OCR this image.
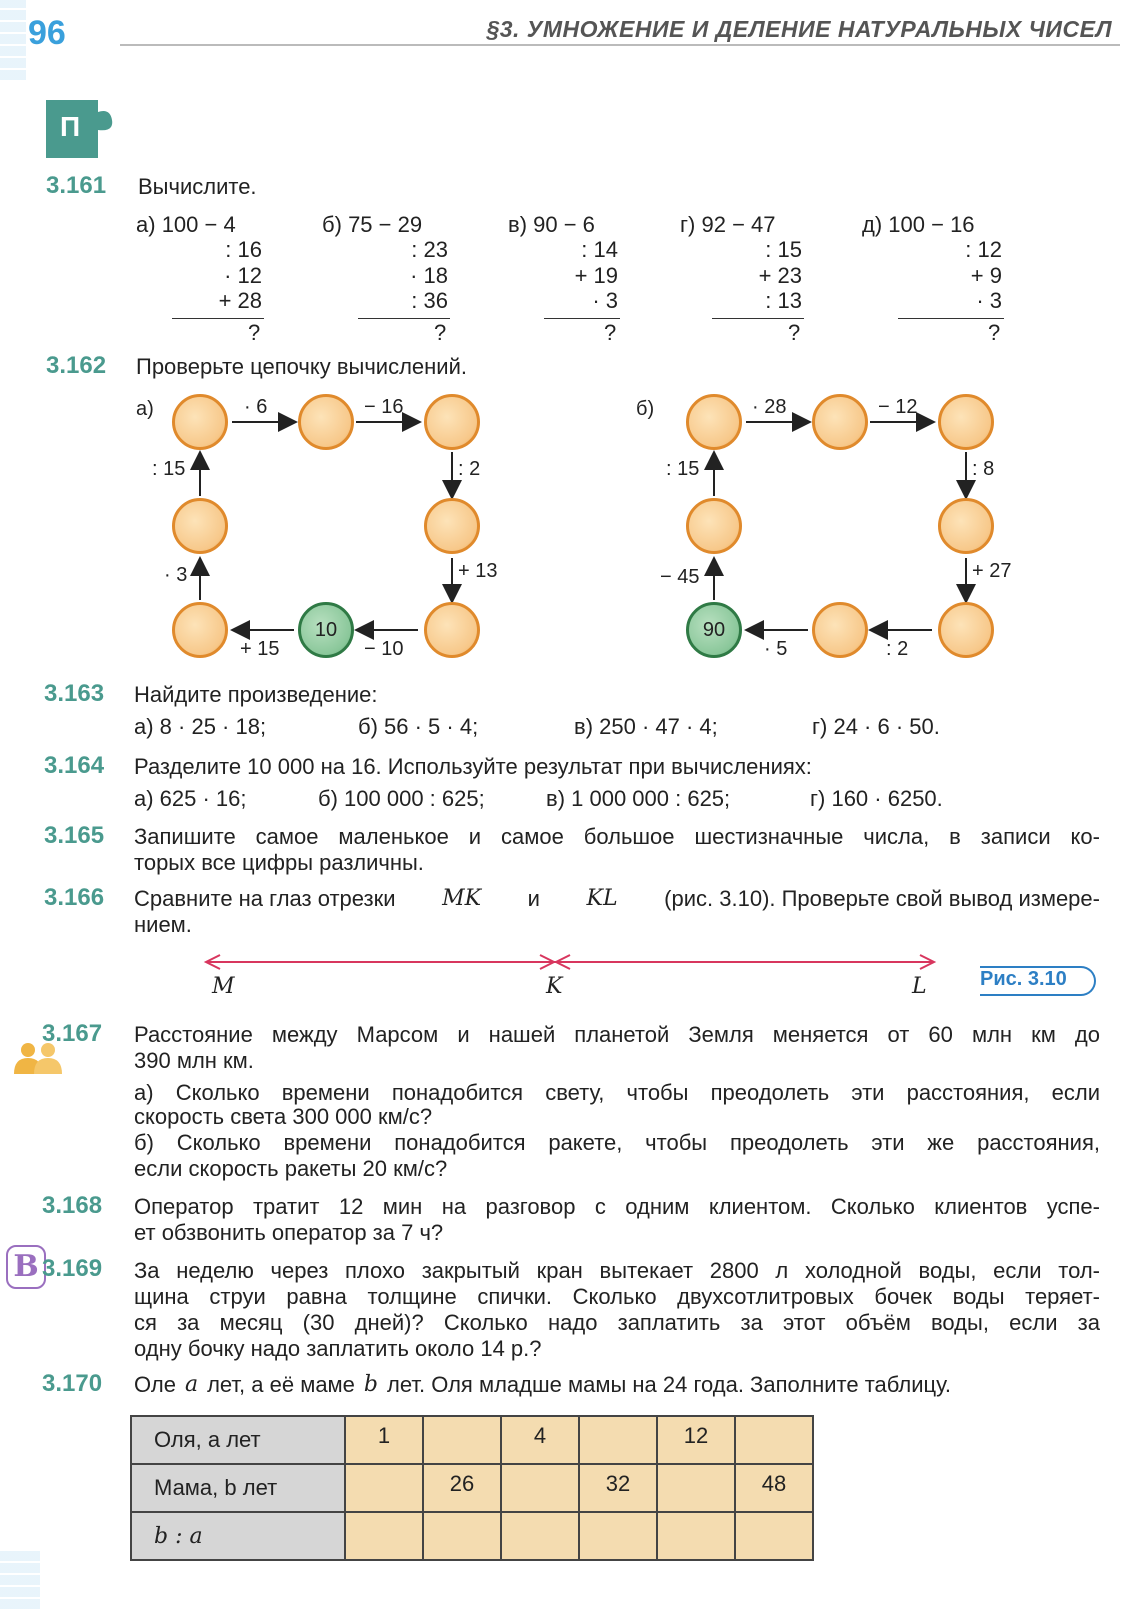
96	§3. УМНОЖЕНИЕ И ДЕЛЕНИЕ НАТУРАЛЬНЫХ ЧИСЕЛ
П
3.161 Вычислите.
а) 100 − 4
: 16
· 12
+ 28
?
б) 75 − 29
: 23
· 18
: 36
?
в) 90 − 6
: 14
+ 19
· 3
?
г) 92 − 47
: 15
+ 23
: 13
?
д) 100 − 16
: 12
+ 9
· 3
?
3.162 Проверьте цепочку вычислений.
а)
10
· 6	− 16
: 2
+ 13
− 10
+ 15
· 3
: 15
б)
90
· 28	− 12
: 8
+ 27
: 2
· 5
− 45
: 15
3.163 Найдите произведение:
а) 8 · 25 · 18;	б) 56 · 5 · 4;	в) 250 · 47 · 4;	г) 24 · 6 · 50.
3.164 Разделите 10 000 на 16. Используйте результат при вычислениях:
а) 625 · 16;	б) 100 000 : 625;	в) 1 000 000 : 625;	г) 160 · 6250.
3.165 Запишите самое маленькое и самое большое шестизначные числа, в записи ко-
торых все цифры различны.
3.166 Сравните на глаз отрезки MK и KL (рис. 3.10). Проверьте свой вывод измере-
нием.
M	K	L	Рис. 3.10
3.167 Расстояние между Марсом и нашей планетой Земля меняется от 60 млн км до
390 млн км.
а) Сколько времени понадобится свету, чтобы преодолеть эти расстояния, если
скорость света 300 000 км/с?
б) Сколько времени понадобится ракете, чтобы преодолеть эти же расстояния,
если скорость ракеты 20 км/с?
3.168 Оператор тратит 12 мин на разговор с одним клиентом. Сколько клиентов успе-
ет обзвонить оператор за 7 ч?
В 3.169 За неделю через плохо закрытый кран вытекает 2800 л холодной воды, если тол-
щина струи равна толщине спички. Сколько двухсотлитровых бочек воды теряет-
ся за месяц (30 дней)? Сколько надо заплатить за этот объём воды, если за
одну бочку надо заплатить около 14 р.?
3.170 Оле a лет, а её маме b лет. Оля младше мамы на 24 года. Заполните таблицу.
Оля, a лет	1		4		12	
Мама, b лет		26		32		48
b : a						
